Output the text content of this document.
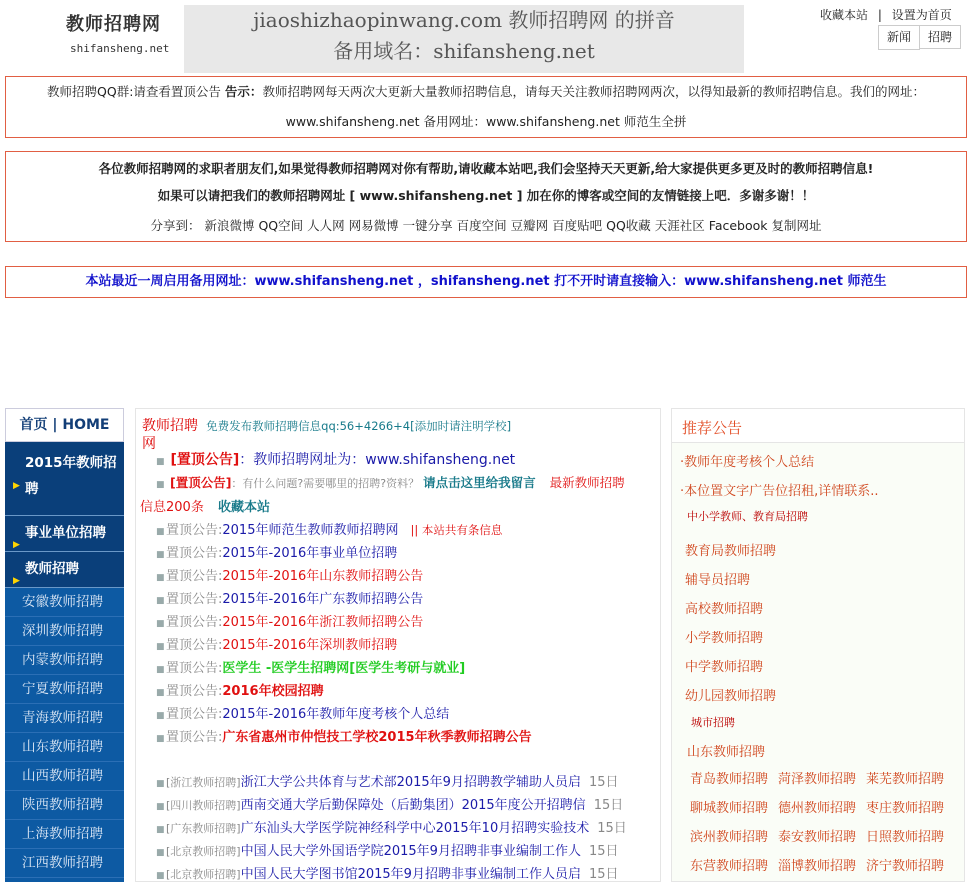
教师招聘网
shifansheng.net
jiaoshizhaopinwang.com 教师招聘网 的拼音
备用域名：shifansheng.net
收藏本站 | 设置为首页
新闻 招聘
教师招聘QQ群:请查看置顶公告 告示：教师招聘网每天两次大更新大量教师招聘信息，请每天关注教师招聘网两次，以得知最新的教师招聘信息。我们的网址：
www.shifansheng.net 备用网址：www.shifansheng.net 师范生全拼
各位教师招聘网的求职者朋友们,如果觉得教师招聘网对你有帮助,请收藏本站吧,我们会坚持天天更新,给大家提供更多更及时的教师招聘信息!
如果可以请把我们的教师招聘网址 [ www.shifansheng.net ] 加在你的博客或空间的友情链接上吧．多谢多谢！！
分享到： 新浪微博 QQ空间 人人网 网易微博 一键分享 百度空间 豆瓣网 百度贴吧 QQ收藏 天涯社区 Facebook 复制网址
本站最近一周启用备用网址：www.shifansheng.net ，shifansheng.net 打不开时请直接输入：www.shifansheng.net 师范生
首页 | HOME
▶
2015年教师招聘
▶
事业单位招聘
▶
教师招聘
安徽教师招聘
深圳教师招聘
内蒙教师招聘
宁夏教师招聘
青海教师招聘
山东教师招聘
山西教师招聘
陕西教师招聘
上海教师招聘
江西教师招聘
教师招聘 免费发布教师招聘信息qq:56+4266+4[添加时请注明学校]
网
■ [置顶公告]：教师招聘网址为：www.shifansheng.net
■ [置顶公告]：有什么问题?需要哪里的招聘?资料？ 请点击这里给我留言 最新教师招聘
信息200条 收藏本站
■置顶公告:2015年师范生教师教师招聘网 || 本站共有条信息
■置顶公告:2015年-2016年事业单位招聘
■置顶公告:2015年-2016年山东教师招聘公告
■置顶公告:2015年-2016年广东教师招聘公告
■置顶公告:2015年-2016年浙江教师招聘公告
■置顶公告:2015年-2016年深圳教师招聘
■置顶公告:医学生 -医学生招聘网[医学生考研与就业]
■置顶公告:2016年校园招聘
■置顶公告:2015年-2016年教师年度考核个人总结
■置顶公告:广东省惠州市仲恺技工学校2015年秋季教师招聘公告
■[浙江教师招聘]浙江大学公共体育与艺术部2015年9月招聘教学辅助人员启 15日
■[四川教师招聘]西南交通大学后勤保障处（后勤集团）2015年度公开招聘信 15日
■[广东教师招聘]广东汕头大学医学院神经科学中心2015年10月招聘实验技术 15日
■[北京教师招聘]中国人民大学外国语学院2015年9月招聘非事业编制工作人 15日
■[北京教师招聘]中国人民大学图书馆2015年9月招聘非事业编制工作人员启 15日
推荐公告
·教师年度考核个人总结
·本位置文字广告位招租,详情联系..
中小学教师、教育局招聘
教育局教师招聘
辅导员招聘
高校教师招聘
小学教师招聘
中学教师招聘
幼儿园教师招聘
城市招聘
山东教师招聘
青岛教师招聘 菏泽教师招聘 莱芜教师招聘
聊城教师招聘 德州教师招聘 枣庄教师招聘
滨州教师招聘 泰安教师招聘 日照教师招聘
东营教师招聘 淄博教师招聘 济宁教师招聘
